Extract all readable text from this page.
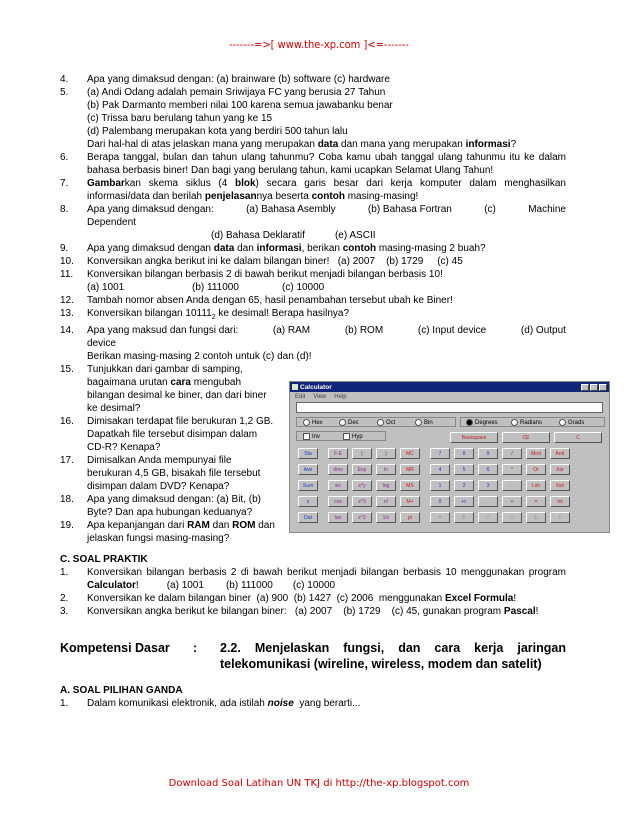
-------=>[ www.the-xp.com ]<=-------
4.	Apa yang dimaksud dengan: (a) brainware (b) software (c) hardware
5.	(a) Andi Odang adalah pemain Sriwijaya FC yang berusia 27 Tahun
(b) Pak Darmanto memberi nilai 100 karena semua jawabanku benar
(c) Trissa baru berulang tahun yang ke 15
(d) Palembang merupakan kota yang berdiri 500 tahun lalu
Dari hal-hal di atas jelaskan mana yang merupakan data dan mana yang merupakan informasi?
6.	Berapa tanggal, bulan dan tahun ulang tahunmu? Coba kamu ubah tanggal ulang tahunmu itu ke dalam bahasa berbasis biner! Dan bagi yang berulang tahun, kami ucapkan Selamat Ulang Tahun!
7.	Gambarkan skema siklus (4 blok) secara garis besar dari kerja komputer dalam menghasilkan informasi/data dan berilah penjelasannya beserta contoh masing-masing!
8.	Apa yang dimaksud dengan:	(a) Bahasa Asembly	(b) Bahasa Fortran	(c)	Machine
Dependent
(d) Bahasa Deklaratif	(e) ASCII
9.	Apa yang dimaksud dengan data dan informasi, berikan contoh masing-masing 2 buah?
10.	Konversikan angka berikut ini ke dalam bilangan biner!   (a) 2007    (b) 1729     (c) 45
11.	Konversikan bilangan berbasis 2 di bawah berikut menjadi bilangan berbasis 10!
(a) 1001	(b) 111000	(c) 10000
12.	Tambah nomor absen Anda dengan 65, hasil penambahan tersebut ubah ke Biner!
13.	Konversikan bilangan $10111_2$ ke desimal! Berapa hasilnya?
14.	Apa yang maksud dan fungsi dari:	(a) RAM	(b) ROM	(c) Input device	(d) Output
device
Berikan masing-masing 2 contoh untuk (c) dan (d)!
15.	Tunjukkan dari gambar di samping, bagaimana urutan cara mengubah bilangan desimal ke biner, dan dari biner ke desimal?
16.	Dimisakan terdapat file berukuran 1,2 GB. Dapatkah file tersebut disimpan dalam CD-R? Kenapa?
17.	Dimisalkan Anda mempunyai file berukuran 4,5 GB, bisakah file tersebut disimpan dalam DVD? Kenapa?
18.	Apa yang dimaksud dengan: (a) Bit, (b) Byte? Dan apa hubungan keduanya?
19.	Apa kepanjangan dari RAM dan ROM dan jelaskan fungsi masing-masing?
C. SOAL PRAKTIK
1.	Konversikan bilangan berbasis 2 di bawah berikut menjadi bilangan berbasis 10 menggunakan program Calculator!	(a) 1001 (b) 111000 (c) 10000
2.	Konversikan ke dalam bilangan biner  (a) 900  (b) 1427  (c) 2006  menggunakan Excel Formula!
3.	Konversikan angka berikut ke bilangan biner:   (a) 2007    (b) 1729    (c) 45, gunakan program Pascal!
Kompetensi Dasar	:	2.2. Menjelaskan fungsi, dan cara kerja jaringan telekomunikasi (wireline, wireless, modem dan satelit)
A. SOAL PILIHAN GANDA
1.	Dalam komunikasi elektronik, ada istilah noise  yang berarti...
Calculator
Edit View Help
Hex	Dec	Oct	Bin	Degrees	Radians	Grads
Inv	Hyp	Backspace	CE	C
Sta
Ave
Sum
s
Dat
F-E
dms
sin
cos
tan
(
Exp
x^y
x^3
x^2
)
ln
log
n!
1/x
MC
MR
MS
M+
pi
7
4
1
0
8
5
2
+/-
9
6
3
.
/
*
-
+
Mod
Or
Lsh
=
And
Xor
Not
Int
A	B	C	D	E	F
Download Soal Latihan UN TKJ di http://the-xp.blogspot.com
